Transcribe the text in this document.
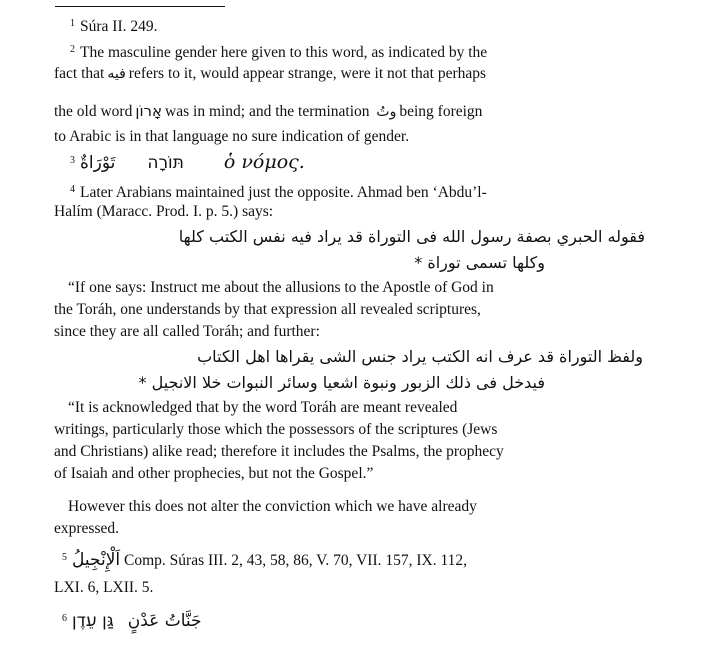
$^1$ Súra II. 249.
$^2$ The masculine gender here given to this word, as indicated by the
fact that فيه refers to it, would appear strange, were it not that perhaps
the old word אָרוֹן was in mind; and the termination وتُ being foreign
to Arabic is in that language no sure indication of gender.
$^3$ تَوْرَاةٌ תּוֹרָה ὁ νόμος.
$^4$ Later Arabians maintained just the opposite. Ahmad ben ‘Abdu’l-
Halím (Maracc. Prod. I. p. 5.) says:
فقوله الحبري بصفة رسول الله فى التوراة قد يراد فيه نفس الكتب كلها
وكلها تسمى توراة *
“If one says: Instruct me about the allusions to the Apostle of God in
the Toráh, one understands by that expression all revealed scriptures,
since they are all called Toráh; and further:
ولفظ التوراة قد عرف انه الكتب يراد جنس الشى يقراها اهل الكتاب
فيدخل فى ذلك الزبور ونبوة اشعيا وسائر النبوات خلا الانجيل *
“It is acknowledged that by the word Toráh are meant revealed
writings, particularly those which the possessors of the scriptures (Jews
and Christians) alike read; therefore it includes the Psalms, the prophecy
of Isaiah and other prophecies, but not the Gospel.”
However this does not alter the conviction which we have already
expressed.
$^5$ اَلْإِنْجِيلُ Comp. Súras III. 2, 43, 58, 86, V. 70, VII. 157, IX. 112,
LXI. 6, LXII. 5.
$^6$ גַּן עֵדֶן جَنَّاتُ عَدْنٍ
